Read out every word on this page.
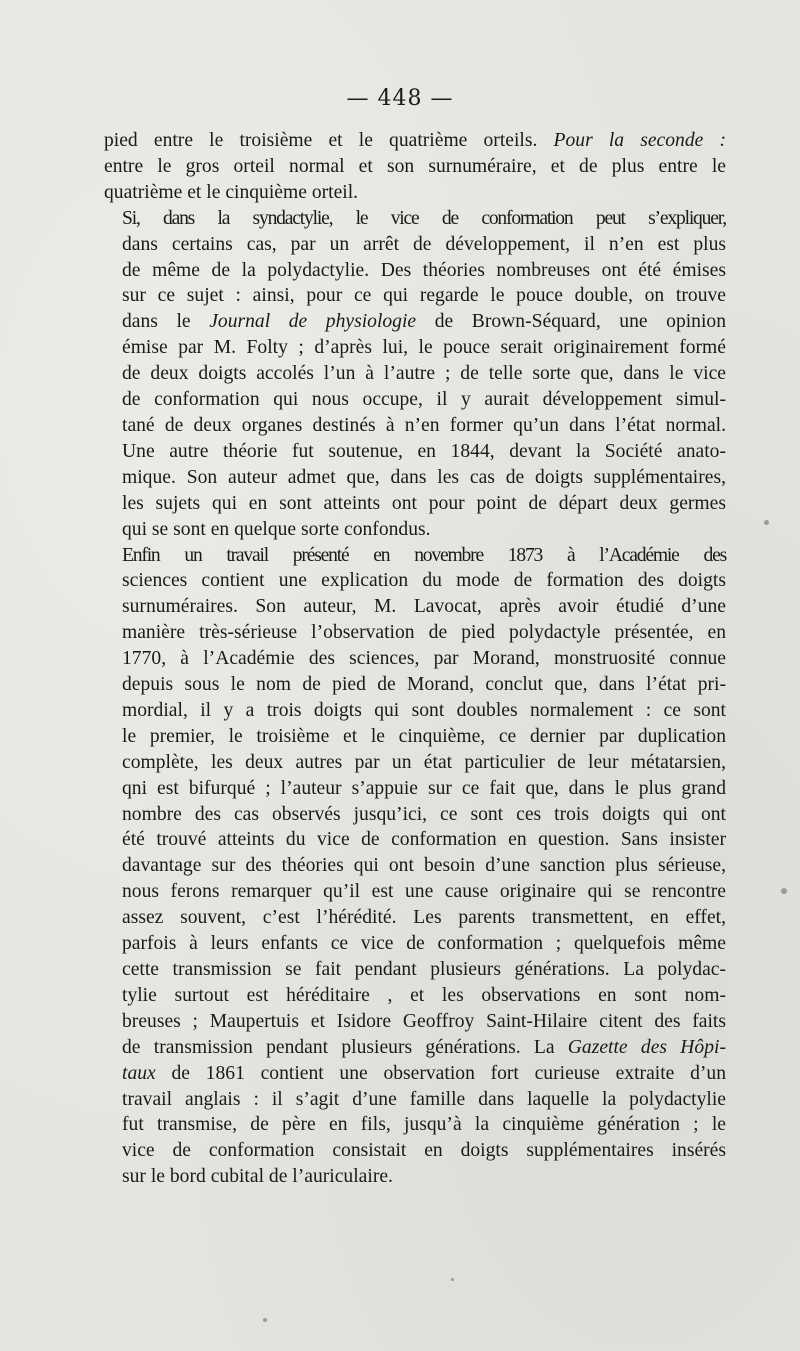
— 448 —

pied entre le troisième et le quatrième orteils. Pour la seconde :
entre le gros orteil normal et son surnuméraire, et de plus entre le
quatrième et le cinquième orteil.

Si, dans la syndactylie, le vice de conformation peut s’expliquer,
dans certains cas, par un arrêt de développement, il n’en est plus
de même de la polydactylie. Des théories nombreuses ont été émises
sur ce sujet : ainsi, pour ce qui regarde le pouce double, on trouve
dans le Journal de physiologie de Brown-Séquard, une opinion
émise par M. Folty ; d’après lui, le pouce serait originairement formé
de deux doigts accolés l’un à l’autre ; de telle sorte que, dans le vice
de conformation qui nous occupe, il y aurait développement simul-
tané de deux organes destinés à n’en former qu’un dans l’état normal.
Une autre théorie fut soutenue, en 1844, devant la Société anato-
mique. Son auteur admet que, dans les cas de doigts supplémentaires,
les sujets qui en sont atteints ont pour point de départ deux germes
qui se sont en quelque sorte confondus.

Enfin un travail présenté en novembre 1873 à l’Académie des
sciences contient une explication du mode de formation des doigts
surnuméraires. Son auteur, M. Lavocat, après avoir étudié d’une
manière très-sérieuse l’observation de pied polydactyle présentée, en
1770, à l’Académie des sciences, par Morand, monstruosité connue
depuis sous le nom de pied de Morand, conclut que, dans l’état pri-
mordial, il y a trois doigts qui sont doubles normalement : ce sont
le premier, le troisième et le cinquième, ce dernier par duplication
complète, les deux autres par un état particulier de leur métatarsien,
qni est bifurqué ; l’auteur s’appuie sur ce fait que, dans le plus grand
nombre des cas observés jusqu’ici, ce sont ces trois doigts qui ont
été trouvé atteints du vice de conformation en question. Sans insister
davantage sur des théories qui ont besoin d’une sanction plus sérieuse,
nous ferons remarquer qu’il est une cause originaire qui se rencontre
assez souvent, c’est l’hérédité. Les parents transmettent, en effet,
parfois à leurs enfants ce vice de conformation ; quelquefois même
cette transmission se fait pendant plusieurs générations. La polydac-
tylie surtout est héréditaire , et les observations en sont nom-
breuses ; Maupertuis et Isidore Geoffroy Saint-Hilaire citent des faits
de transmission pendant plusieurs générations. La Gazette des Hôpi-
taux de 1861 contient une observation fort curieuse extraite d’un
travail anglais : il s’agit d’une famille dans laquelle la polydactylie
fut transmise, de père en fils, jusqu’à la cinquième génération ; le
vice de conformation consistait en doigts supplémentaires insérés
sur le bord cubital de l’auriculaire.
